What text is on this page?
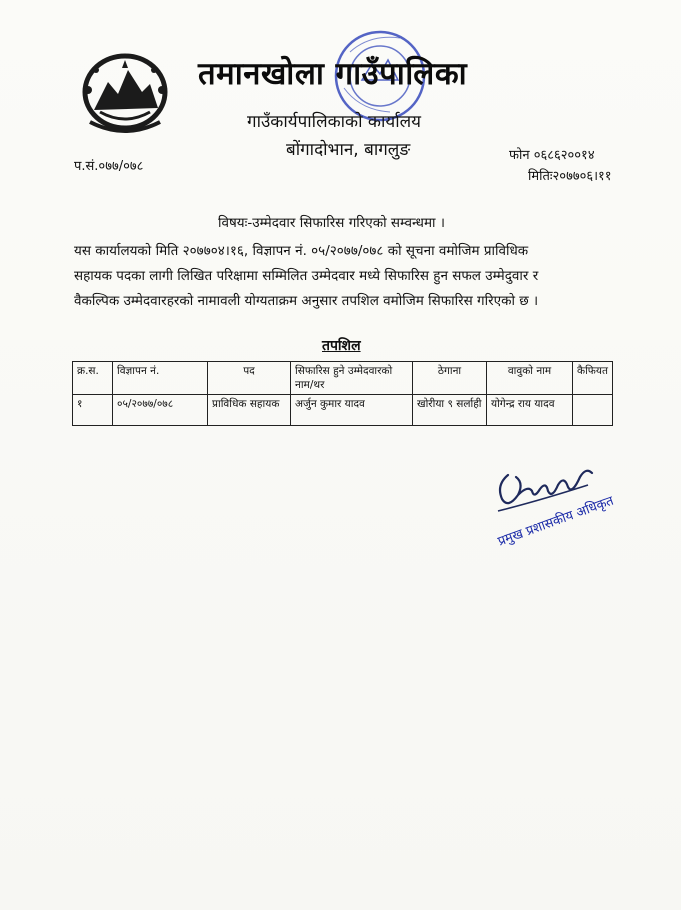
तमानखोला गाउँपालिका
गाउँकार्यपालिकाको कार्यालय
बोंगादोभान, बागलुङ
प.सं.०७७/०७८
फोन ०६८६२००१४
मितिः२०७७०६।११
विषयः-उम्मेदवार सिफारिस गरिएको सम्वन्धमा ।
यस कार्यालयको मिति २०७७०४।१६, विज्ञापन नं. ०५/२०७७/०७८ को सूचना वमोजिम प्राविधिक
सहायक पदका लागी लिखित परिक्षामा सम्मिलित उम्मेदवार मध्ये सिफारिस हुन सफल उम्मेदुवार र
वैकल्पिक उम्मेदवारहरको नामावली योग्यताक्रम अनुसार तपशिल वमोजिम सिफारिस गरिएको छ ।
तपशिल
क्र.स.	विज्ञापन नं.	पद	सिफारिस हुने उम्मेदवारको नाम/थर	ठेगाना	वावुको नाम	कैफियत
१	०५/२०७७/०७८	प्राविधिक सहायक	अर्जुन कुमार यादव	खोरीया ९ सर्लाही	योगेन्द्र राय यादव	
प्रमुख प्रशासकीय अधिकृत
